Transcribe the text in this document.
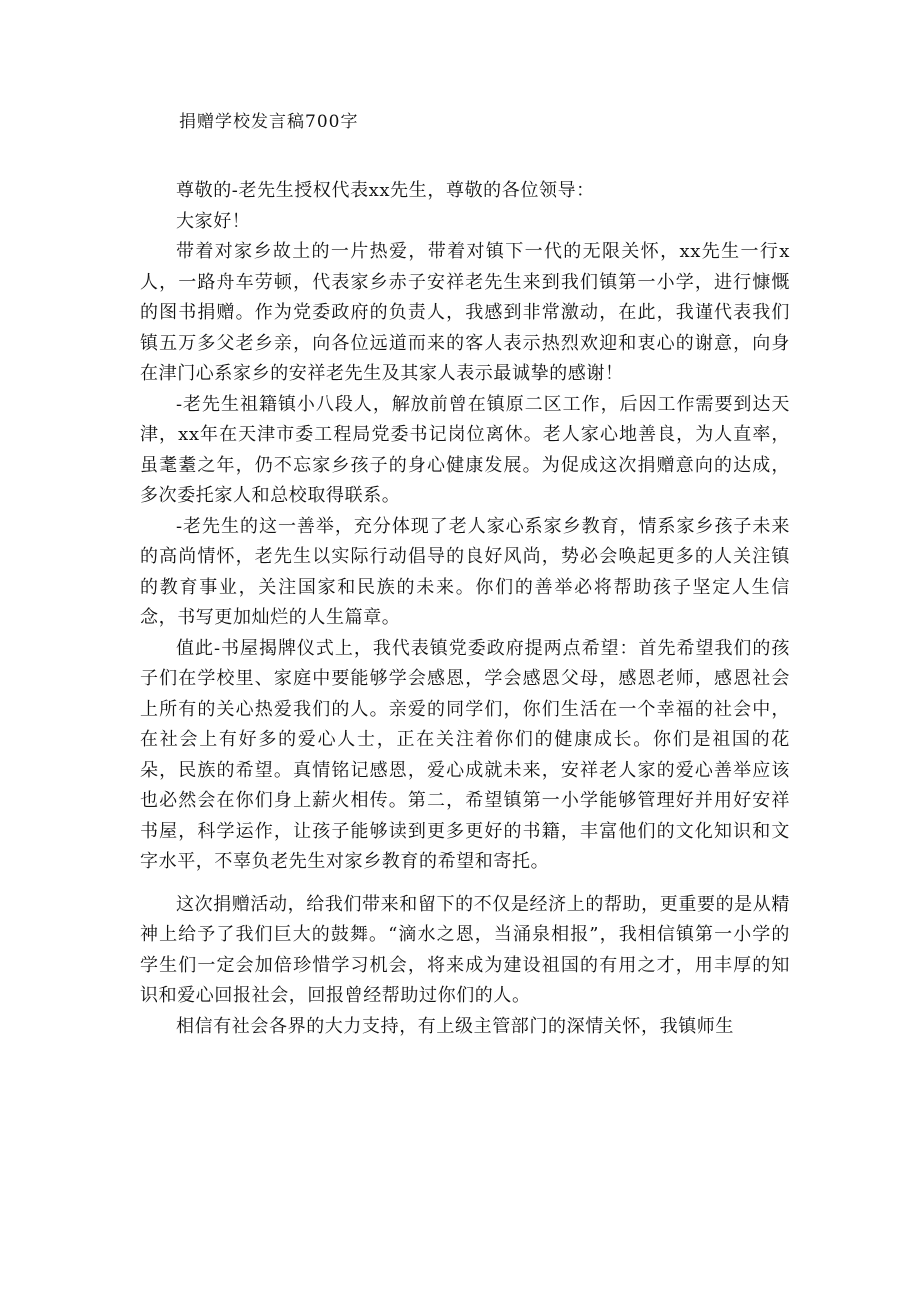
捐赠学校发言稿700字

尊敬的-老先生授权代表xx先生，尊敬的各位领导：

大家好！

带着对家乡故土的一片热爱，带着对镇下一代的无限关怀，xx先生一行x人，一路舟车劳顿，代表家乡赤子安祥老先生来到我们镇第一小学，进行慷慨的图书捐赠。作为党委政府的负责人，我感到非常激动，在此，我谨代表我们镇五万多父老乡亲，向各位远道而来的客人表示热烈欢迎和衷心的谢意，向身在津门心系家乡的安祥老先生及其家人表示最诚挚的感谢！

-老先生祖籍镇小八段人，解放前曾在镇原二区工作，后因工作需要到达天津，xx年在天津市委工程局党委书记岗位离休。老人家心地善良，为人直率，虽耄耋之年，仍不忘家乡孩子的身心健康发展。为促成这次捐赠意向的达成，多次委托家人和总校取得联系。

-老先生的这一善举，充分体现了老人家心系家乡教育，情系家乡孩子未来的高尚情怀，老先生以实际行动倡导的良好风尚，势必会唤起更多的人关注镇的教育事业，关注国家和民族的未来。你们的善举必将帮助孩子坚定人生信念，书写更加灿烂的人生篇章。

值此-书屋揭牌仪式上，我代表镇党委政府提两点希望：首先希望我们的孩子们在学校里、家庭中要能够学会感恩，学会感恩父母，感恩老师，感恩社会上所有的关心热爱我们的人。亲爱的同学们，你们生活在一个幸福的社会中，在社会上有好多的爱心人士，正在关注着你们的健康成长。你们是祖国的花朵，民族的希望。真情铭记感恩，爱心成就未来，安祥老人家的爱心善举应该也必然会在你们身上薪火相传。第二，希望镇第一小学能够管理好并用好安祥书屋，科学运作，让孩子能够读到更多更好的书籍，丰富他们的文化知识和文字水平，不辜负老先生对家乡教育的希望和寄托。

这次捐赠活动，给我们带来和留下的不仅是经济上的帮助，更重要的是从精神上给予了我们巨大的鼓舞。“滴水之恩，当涌泉相报”，我相信镇第一小学的学生们一定会加倍珍惜学习机会，将来成为建设祖国的有用之才，用丰厚的知识和爱心回报社会，回报曾经帮助过你们的人。

相信有社会各界的大力支持，有上级主管部门的深情关怀，我镇师生
